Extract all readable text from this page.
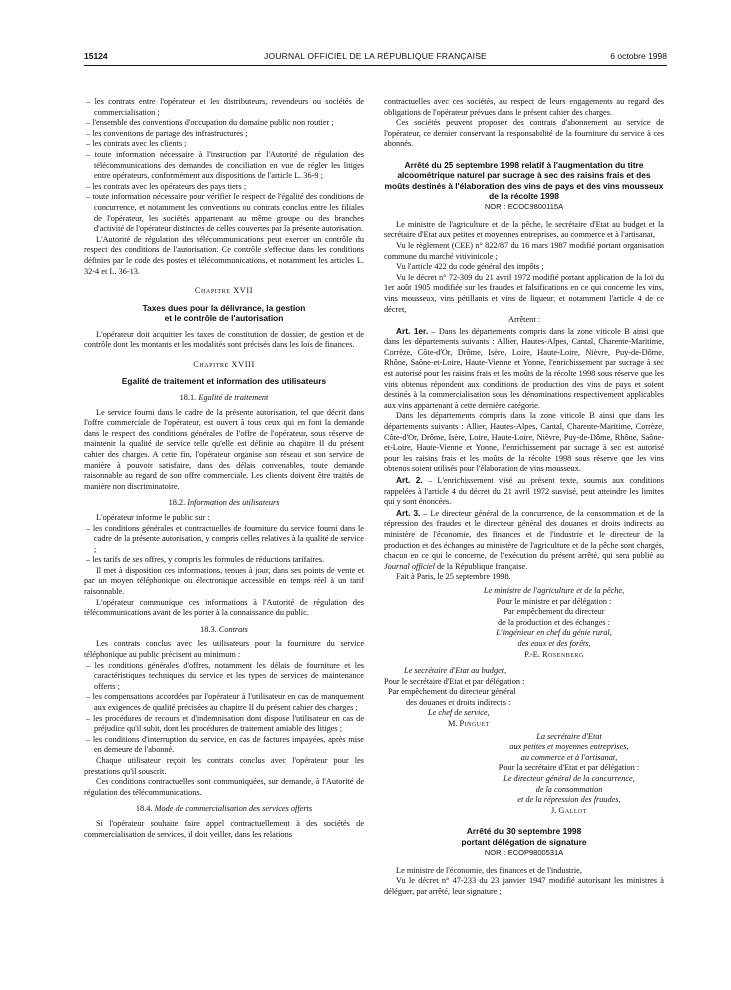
15124	JOURNAL OFFICIEL DE LA RÉPUBLIQUE FRANÇAISE	6 octobre 1998

– les contrats entre l'opérateur et les distributeurs, revendeurs ou sociétés de commercialisation ;

– l'ensemble des conventions d'occupation du domaine public non routier ;

– les conventions de partage des infrastructures ;

– les contrats avec les clients ;

– toute information nécessaire à l'instruction par l'Autorité de régulation des télécommunications des demandes de conciliation en vue de régler les litiges entre opérateurs, conformément aux dispositions de l'article L. 36-9 ;

– les contrats avec les opérateurs des pays tiers ;

– toute information nécessaire pour vérifier le respect de l'égalité des conditions de concurrence, et notamment les conventions ou contrats conclus entre les filiales de l'opérateur, les sociétés appartenant au même groupe ou des branches d'activité de l'opérateur distinctes de celles couvertes par la présente autorisation.

L'Autorité de régulation des télécommunications peut exercer un contrôle du respect des conditions de l'autorisation. Ce contrôle s'effectue dans les conditions définies par le code des postes et télécommunications, et notamment les articles L. 32-4 et L. 36-13.

Chapitre XVII
Taxes dues pour la délivrance, la gestion
et le contrôle de l'autorisation

L'opérateur doit acquitter les taxes de constitution de dossier, de gestion et de contrôle dont les montants et les modalités sont précisés dans les lois de finances.

Chapitre XVIII
Egalité de traitement et information des utilisateurs
18.1. Egalité de traitement

Le service fourni dans le cadre de la présente autorisation, tel que décrit dans l'offre commerciale de l'opérateur, est ouvert à tous ceux qui en font la demande dans le respect des conditions générales de l'offre de l'opérateur, sous réserve de maintenir la qualité de service telle qu'elle est définie au chapitre II du présent cahier des charges. A cette fin, l'opérateur organise son réseau et son service de manière à pouvoir satisfaire, dans des délais convenables, toute demande raisonnable au regard de son offre commerciale. Les clients doivent être traités de manière non discriminatoire.

18.2. Information des utilisateurs

L'opérateur informe le public sur :

– les conditions générales et contractuelles de fourniture du service fourni dans le cadre de la présente autorisation, y compris celles relatives à la qualité de service ;

– les tarifs de ses offres, y compris les formules de réductions tarifaires.

Il met à disposition ces informations, tenues à jour, dans ses points de vente et par un moyen téléphonique ou électronique accessible en temps réel à un tarif raisonnable.

L'opérateur communique ces informations à l'Autorité de régulation des télécommunications avant de les porter à la connaissance du public.

18.3. Contrats

Les contrats conclus avec les utilisateurs pour la fourniture du service téléphonique au public précisent au minimum :

– les conditions générales d'offres, notamment les délais de fourniture et les caractéristiques techniques du service et les types de services de maintenance offerts ;

– les compensations accordées par l'opérateur à l'utilisateur en cas de manquement aux exigences de qualité précisées au chapitre II du présent cahier des charges ;

– les procédures de recours et d'indemnisation dont dispose l'utilisateur en cas de préjudice qu'il subit, dont les procédures de traitement amiable des litiges ;

– les conditions d'interruption du service, en cas de factures impayées, après mise en demeure de l'abonné.

Chaque utilisateur reçoit les contrats conclus avec l'opérateur pour les prestations qu'il souscrit.

Ces conditions contractuelles sont communiquées, sur demande, à l'Autorité de régulation des télécommunications.

18.4. Mode de commercialisation des services offerts

Si l'opérateur souhaite faire appel contractuellement à des sociétés de commercialisation de services, il doit veiller, dans les relations

contractuelles avec ces sociétés, au respect de leurs engagements au regard des obligations de l'opérateur prévues dans le présent cahier des charges.

Ces sociétés peuvent proposer des contrats d'abonnement au service de l'opérateur, ce dernier conservant la responsabilité de la fourniture du service à ces abonnés.

Arrêté du 25 septembre 1998 relatif à l'augmentation du titre alcoométrique naturel par sucrage à sec des raisins frais et des moûts destinés à l'élaboration des vins de pays et des vins mousseux de la récolte 1998
NOR : ECOC9800115A

Le ministre de l'agriculture et de la pêche, le secrétaire d'Etat au budget et la secrétaire d'Etat aux petites et moyennes entreprises, au commerce et à l'artisanat,

Vu le règlement (CEE) n° 822/87 du 16 mars 1987 modifié portant organisation commune du marché vitivinicole ;

Vu l'article 422 du code général des impôts ;

Vu le décret n° 72-309 du 21 avril 1972 modifié portant application de la loi du 1er août 1905 modifiée sur les fraudes et falsifications en ce qui concerne les vins, vins mousseux, vins pétillants et vins de liqueur, et notamment l'article 4 de ce décret,

Arrêtent :

Art. 1er. – Dans les départements compris dans la zone viticole B ainsi que dans les départements suivants : Allier, Hautes-Alpes, Cantal, Charente-Maritime, Corrèze, Côte-d'Or, Drôme, Isère, Loire, Haute-Loire, Nièvre, Puy-de-Dôme, Rhône, Saône-et-Loire, Haute-Vienne et Yonne, l'enrichissement par sucrage à sec est autorisé pour les raisins frais et les moûts de la récolte 1998 sous réserve que les vins obtenus répondent aux conditions de production des vins de pays et soient destinés à la commercialisation sous les dénominations respectivement applicables aux vins appartenant à cette dernière catégorie.

Dans les départements compris dans la zone viticole B ainsi que dans les départements suivants : Allier, Hautes-Alpes, Cantal, Charente-Maritime, Corrèze, Côte-d'Or, Drôme, Isère, Loire, Haute-Loire, Nièvre, Puy-de-Dôme, Rhône, Saône-et-Loire, Haute-Vienne et Yonne, l'enrichissement par sucrage à sec est autorisé pour les raisins frais et les moûts de la récolte 1998 sous réserve que les vins obtenus soient utilisés pour l'élaboration de vins mousseux.

Art. 2. – L'enrichissement visé au présent texte, soumis aux conditions rappelées à l'article 4 du décret du 21 avril 1972 susvisé, peut atteindre les limites qui y sont énoncées.

Art. 3. – Le directeur général de la concurrence, de la consommation et de la répression des fraudes et le directeur général des douanes et droits indirects au ministère de l'économie, des finances et de l'industrie et le directeur de la production et des échanges au ministère de l'agriculture et de la pêche sont chargés, chacun en ce qui le concerne, de l'exécution du présent arrêté, qui sera publié au Journal officiel de la République française.

Fait à Paris, le 25 septembre 1998.

Le ministre de l'agriculture et de la pêche,
Pour le ministre et par délégation :
Par empêchement du directeur
de la production et des échanges :
L'ingénieur en chef du génie rural,
des eaux et des forêts,
P.-E. Rosenberg
Le secrétaire d'Etat au budget,
Pour le secrétaire d'Etat et par délégation :
Par empêchement du directeur général
des douanes et droits indirects :
Le chef de service,
M. Pinguet
La secrétaire d'Etat
aux petites et moyennes entreprises,
au commerce et à l'artisanat,
Pour la secrétaire d'Etat et par délégation :
Le directeur général de la concurrence,
de la consommation
et de la répression des fraudes,
J. Gallot
Arrêté du 30 septembre 1998
portant délégation de signature
NOR : ECOP9800531A

Le ministre de l'économie, des finances et de l'industrie,

Vu le décret n° 47-233 du 23 janvier 1947 modifié autorisant les ministres à déléguer, par arrêté, leur signature ;
